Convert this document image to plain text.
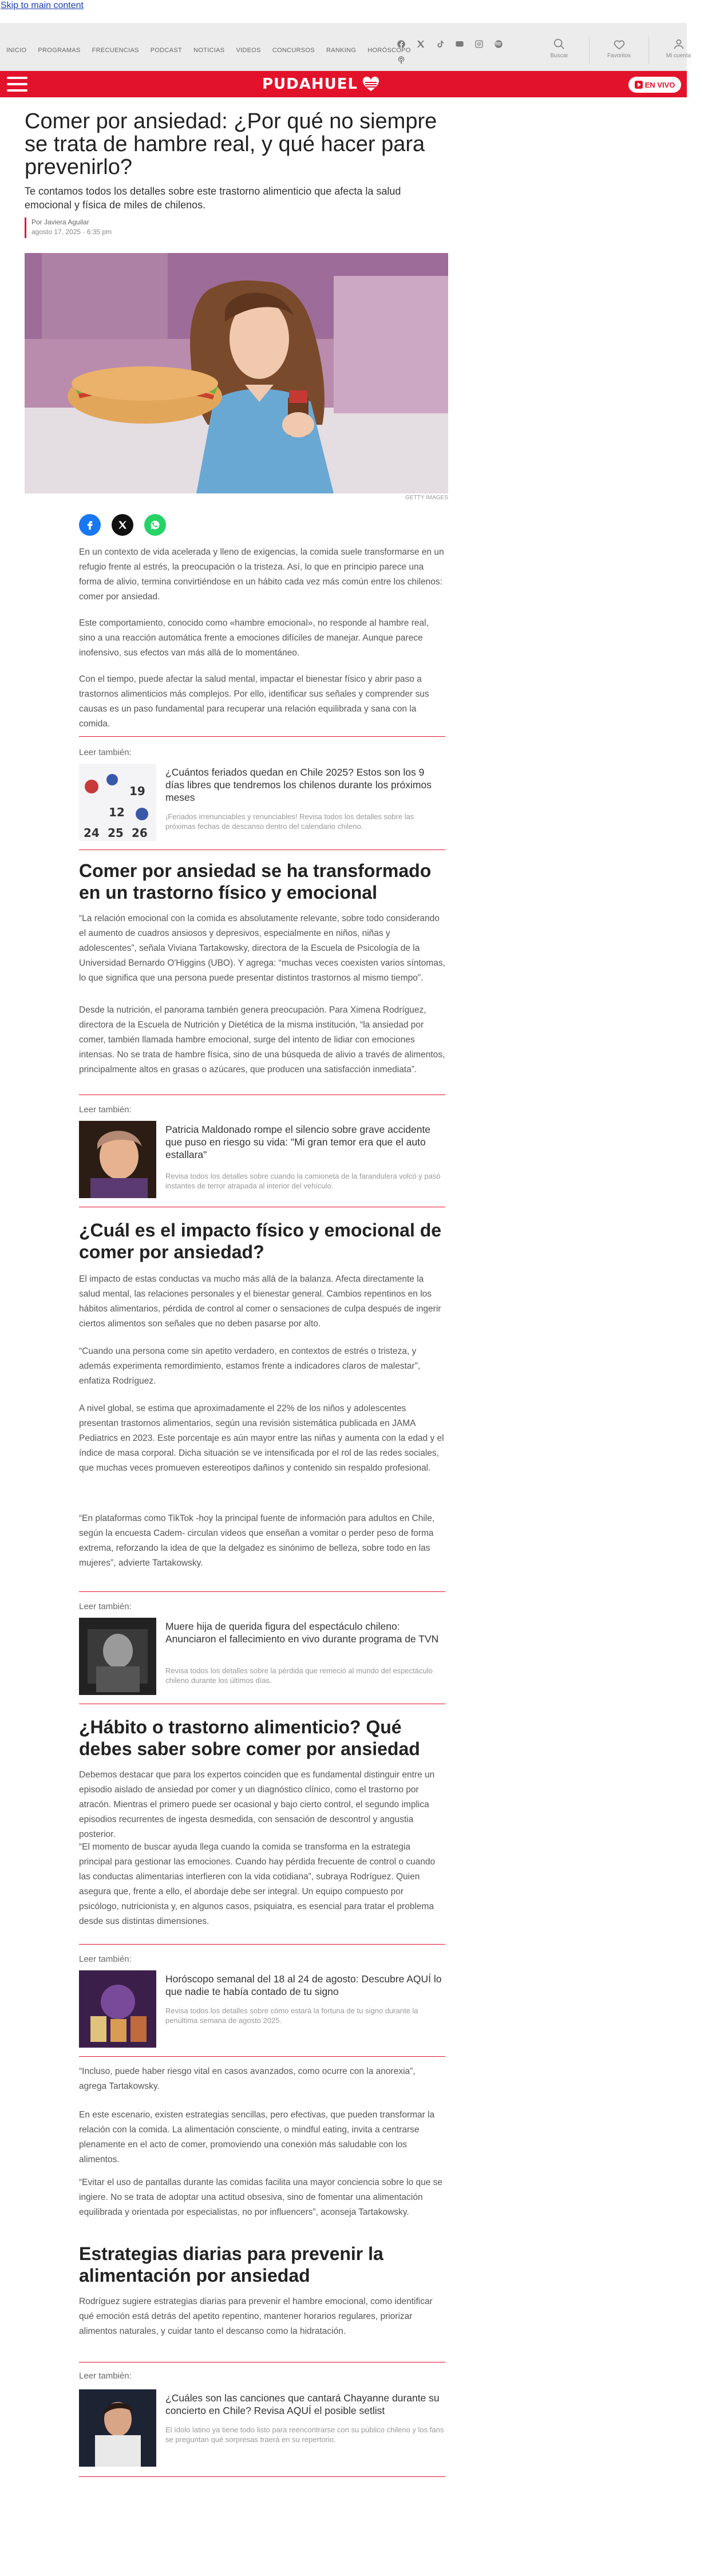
Skip to main content
INICIO	PROGRAMAS	FRECUENCIAS	PODCAST	NOTICIAS	VIDEOS	CONCURSOS	RANKING	HORÓSCOPO
Buscar	Favoritos	Mi cuenta
PUDAHUEL	EN VIVO
Comer por ansiedad: ¿Por qué no siempre se trata de hambre real, y qué hacer para prevenirlo?

Te contamos todos los detalles sobre este trastorno alimenticio que afecta la salud emocional y física de miles de chilenos.

Por Javiera Aguilar
agosto 17, 2025 · 6:35 pm
GETTY IMAGES

En un contexto de vida acelerada y lleno de exigencias, la comida suele transformarse en un refugio frente al estrés, la preocupación o la tristeza. Así, lo que en principio parece una forma de alivio, termina convirtiéndose en un hábito cada vez más común entre los chilenos: comer por ansiedad.

Este comportamiento, conocido como «hambre emocional», no responde al hambre real, sino a una reacción automática frente a emociones difíciles de manejar. Aunque parece inofensivo, sus efectos van más allá de lo momentáneo.

Con el tiempo, puede afectar la salud mental, impactar el bienestar físico y abrir paso a trastornos alimenticios más complejos. Por ello, identificar sus señales y comprender sus causas es un paso fundamental para recuperar una relación equilibrada y sana con la comida.

Leer también:
19
12
24 25 26
¿Cuántos feriados quedan en Chile 2025? Estos son los 9 días libres que tendremos los chilenos durante los próximos meses
¡Feriados irrenunciables y renunciables! Revisa todos los detalles sobre las próximas fechas de descanso dentro del calendario chileno.
Comer por ansiedad se ha transformado en un trastorno físico y emocional

“La relación emocional con la comida es absolutamente relevante, sobre todo considerando el aumento de cuadros ansiosos y depresivos, especialmente en niños, niñas y adolescentes”, señala Viviana Tartakowsky, directora de la Escuela de Psicología de la Universidad Bernardo O'Higgins (UBO). Y agrega: “muchas veces coexisten varios síntomas, lo que significa que una persona puede presentar distintos trastornos al mismo tiempo”.

Desde la nutrición, el panorama también genera preocupación. Para Ximena Rodríguez, directora de la Escuela de Nutrición y Dietética de la misma institución, “la ansiedad por comer, también llamada hambre emocional, surge del intento de lidiar con emociones intensas. No se trata de hambre física, sino de una búsqueda de alivio a través de alimentos, principalmente altos en grasas o azúcares, que producen una satisfacción inmediata”.

Leer también:
Patricia Maldonado rompe el silencio sobre grave accidente que puso en riesgo su vida: "Mi gran temor era que el auto estallara"
Revisa todos los detalles sobre cuando la camioneta de la farandulera volcó y pasó instantes de terror atrapada al interior del vehículo.
¿Cuál es el impacto físico y emocional de comer por ansiedad?

El impacto de estas conductas va mucho más allá de la balanza. Afecta directamente la salud mental, las relaciones personales y el bienestar general. Cambios repentinos en los hábitos alimentarios, pérdida de control al comer o sensaciones de culpa después de ingerir ciertos alimentos son señales que no deben pasarse por alto.

“Cuando una persona come sin apetito verdadero, en contextos de estrés o tristeza, y además experimenta remordimiento, estamos frente a indicadores claros de malestar”, enfatiza Rodríguez.

A nivel global, se estima que aproximadamente el 22% de los niños y adolescentes presentan trastornos alimentarios, según una revisión sistemática publicada en JAMA Pediatrics en 2023. Este porcentaje es aún mayor entre las niñas y aumenta con la edad y el índice de masa corporal. Dicha situación se ve intensificada por el rol de las redes sociales, que muchas veces promueven estereotipos dañinos y contenido sin respaldo profesional.

“En plataformas como TikTok -hoy la principal fuente de información para adultos en Chile, según la encuesta Cadem- circulan videos que enseñan a vomitar o perder peso de forma extrema, reforzando la idea de que la delgadez es sinónimo de belleza, sobre todo en las mujeres”, advierte Tartakowsky.

Leer también:
Muere hija de querida figura del espectáculo chileno: Anunciaron el fallecimiento en vivo durante programa de TVN
Revisa todos los detalles sobre la pérdida que remeció al mundo del espectáculo chileno durante los últimos días.
¿Hábito o trastorno alimenticio? Qué debes saber sobre comer por ansiedad

Debemos destacar que para los expertos coinciden que es fundamental distinguir entre un episodio aislado de ansiedad por comer y un diagnóstico clínico, como el trastorno por atracón. Mientras el primero puede ser ocasional y bajo cierto control, el segundo implica episodios recurrentes de ingesta desmedida, con sensación de descontrol y angustia posterior.

“El momento de buscar ayuda llega cuando la comida se transforma en la estrategia principal para gestionar las emociones. Cuando hay pérdida frecuente de control o cuando las conductas alimentarias interfieren con la vida cotidiana”, subraya Rodríguez. Quien asegura que, frente a ello, el abordaje debe ser integral. Un equipo compuesto por psicólogo, nutricionista y, en algunos casos, psiquiatra, es esencial para tratar el problema desde sus distintas dimensiones.

Leer también:
Horóscopo semanal del 18 al 24 de agosto: Descubre AQUÍ lo que nadie te había contado de tu signo
Revisa todos los detalles sobre cómo estará la fortuna de tu signo durante la penúltima semana de agosto 2025.

“Incluso, puede haber riesgo vital en casos avanzados, como ocurre con la anorexia”, agrega Tartakowsky.

En este escenario, existen estrategias sencillas, pero efectivas, que pueden transformar la relación con la comida. La alimentación consciente, o mindful eating, invita a centrarse plenamente en el acto de comer, promoviendo una conexión más saludable con los alimentos.

“Evitar el uso de pantallas durante las comidas facilita una mayor conciencia sobre lo que se ingiere. No se trata de adoptar una actitud obsesiva, sino de fomentar una alimentación equilibrada y orientada por especialistas, no por influencers”, aconseja Tartakowsky.

Estrategias diarias para prevenir la alimentación por ansiedad

Rodríguez sugiere estrategias diarias para prevenir el hambre emocional, como identificar qué emoción está detrás del apetito repentino, mantener horarios regulares, priorizar alimentos naturales, y cuidar tanto el descanso como la hidratación.

Leer también:
¿Cuáles son las canciones que cantará Chayanne durante su concierto en Chile? Revisa AQUÍ el posible setlist
El ídolo latino ya tiene todo listo para reencontrarse con su público chileno y los fans se preguntan qué sorpresas traerá en su repertorio.
